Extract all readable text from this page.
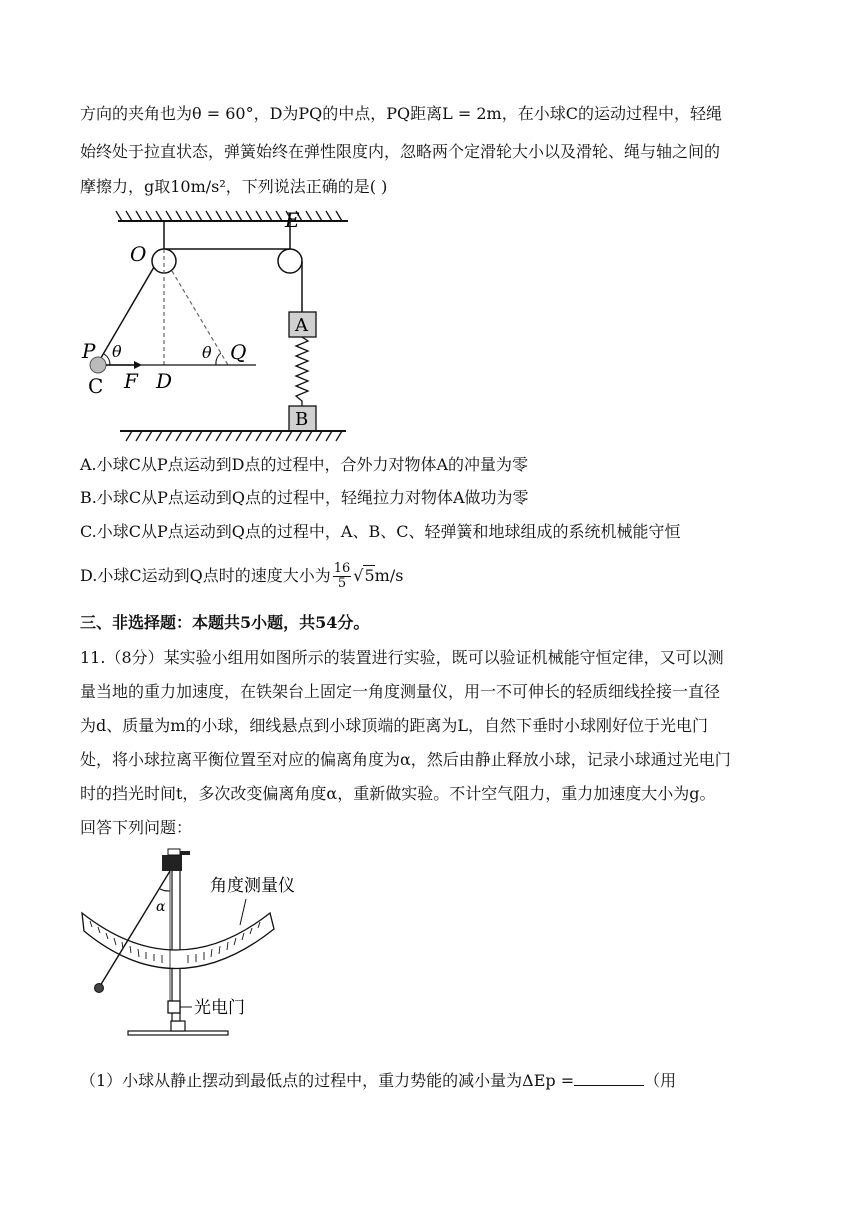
方向的夹角也为θ = 60°，D为PQ的中点，PQ距离L = 2m，在小球C的运动过程中，轻绳
始终处于拉直状态，弹簧始终在弹性限度内，忽略两个定滑轮大小以及滑轮、绳与轴之间的
摩擦力，g取10m/s²，下列说法正确的是( )
O
E
P θ	θ Q
C F D
A
B
A.小球C从P点运动到D点的过程中，合外力对物体A的冲量为零
B.小球C从P点运动到Q点的过程中，轻绳拉力对物体A做功为零
C.小球C从P点运动到Q点的过程中，A、B、C、轻弹簧和地球组成的系统机械能守恒
D.小球C运动到Q点时的速度大小为 $\frac{16}{5} √5m/s$
三、非选择题：本题共5小题，共54分。
11.（8分）某实验小组用如图所示的装置进行实验，既可以验证机械能守恒定律，又可以测
量当地的重力加速度，在铁架台上固定一角度测量仪，用一不可伸长的轻质细线拴接一直径
为d、质量为m的小球，细线悬点到小球顶端的距离为L，自然下垂时小球刚好位于光电门
处，将小球拉离平衡位置至对应的偏离角度为α，然后由静止释放小球，记录小球通过光电门
时的挡光时间t，多次改变偏离角度α，重新做实验。不计空气阻力，重力加速度大小为g。
回答下列问题：
α
角度测量仪
光电门
（1）小球从静止摆动到最低点的过程中，重力势能的减小量为ΔEp =	（用
